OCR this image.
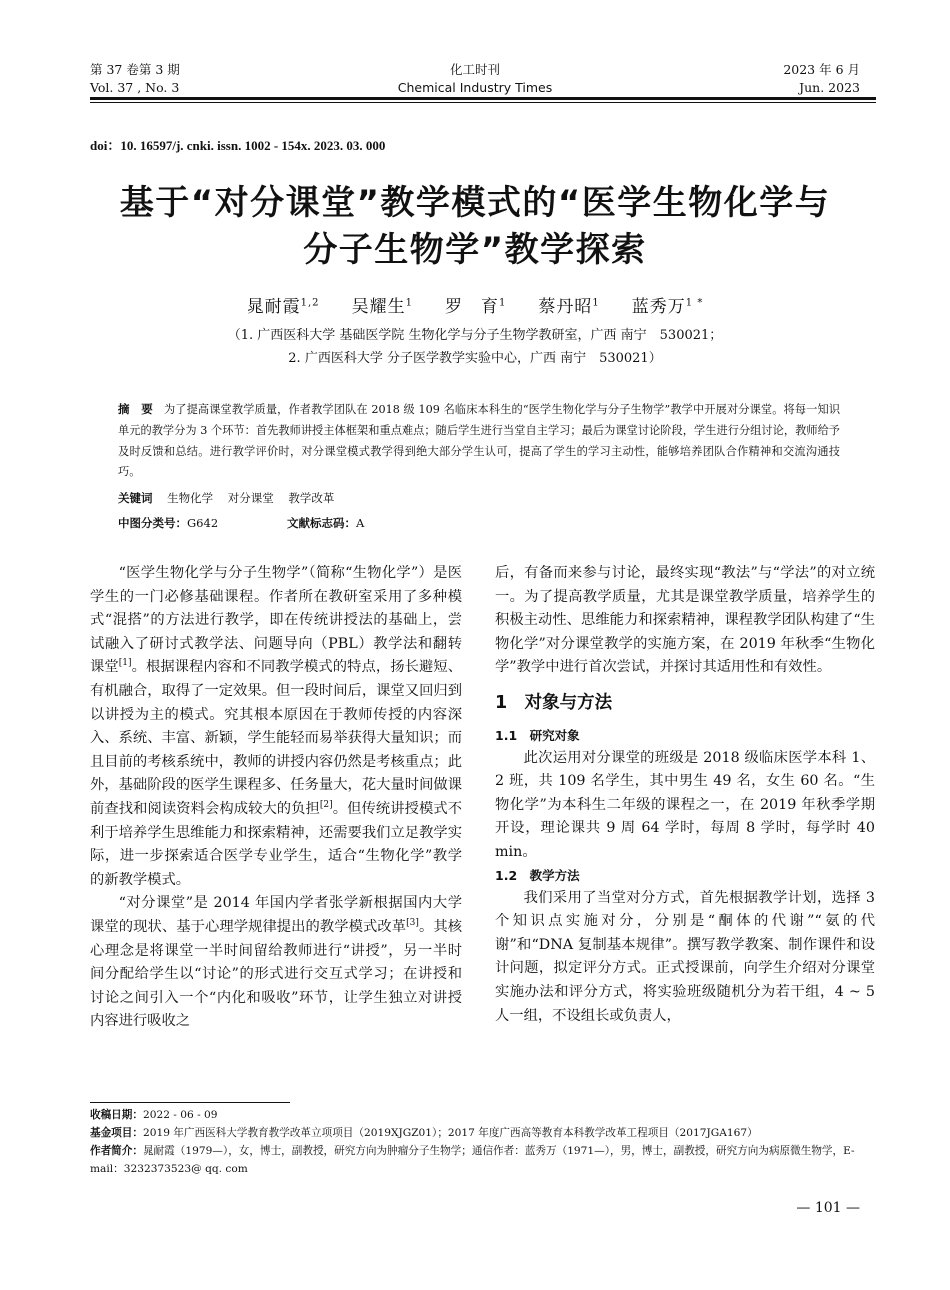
第 37 卷第 3 期
Vol. 37 , No. 3
化工时刊
Chemical Industry Times
2023 年 6 月
Jun. 2023
doi：10. 16597/j. cnki. issn. 1002 - 154x. 2023. 03. 000
基于“对分课堂”教学模式的“医学生物化学与
分子生物学”教学探索
晁耐霞$^{1,2}$ 吴耀生$^1$ 罗　育$^1$ 蔡丹昭$^1$ 蓝秀万$^{1 *}$
（1. 广西医科大学 基础医学院 生物化学与分子生物学教研室，广西 南宁　530021；
2. 广西医科大学 分子医学教学实验中心，广西 南宁　530021）
摘　要 为了提高课堂教学质量，作者教学团队在 2018 级 109 名临床本科生的“医学生物化学与分子生物学”教学中开展对分课堂。将每一知识单元的教学分为 3 个环节：首先教师讲授主体框架和重点难点；随后学生进行当堂自主学习；最后为课堂讨论阶段，学生进行分组讨论，教师给予及时反馈和总结。进行教学评价时，对分课堂模式教学得到绝大部分学生认可，提高了学生的学习主动性，能够培养团队合作精神和交流沟通技巧。
关键词 生物化学 对分课堂 教学改革
中图分类号：G642	文献标志码：A

“医学生物化学与分子生物学”（简称“生物化学”）是医学生的一门必修基础课程。作者所在教研室采用了多种模式“混搭”的方法进行教学，即在传统讲授法的基础上，尝试融入了研讨式教学法、问题导向（PBL）教学法和翻转课堂[1]。根据课程内容和不同教学模式的特点，扬长避短、有机融合，取得了一定效果。但一段时间后，课堂又回归到以讲授为主的模式。究其根本原因在于教师传授的内容深入、系统、丰富、新颖，学生能轻而易举获得大量知识；而且目前的考核系统中，教师的讲授内容仍然是考核重点；此外，基础阶段的医学生课程多、任务量大，花大量时间做课前查找和阅读资料会构成较大的负担[2]。但传统讲授模式不利于培养学生思维能力和探索精神，还需要我们立足教学实际，进一步探索适合医学专业学生，适合“生物化学”教学的新教学模式。

“对分课堂”是 2014 年国内学者张学新根据国内大学课堂的现状、基于心理学规律提出的教学模式改革[3]。其核心理念是将课堂一半时间留给教师进行“讲授”，另一半时间分配给学生以“讨论”的形式进行交互式学习；在讲授和讨论之间引入一个“内化和吸收”环节，让学生独立对讲授内容进行吸收之

后，有备而来参与讨论，最终实现“教法”与“学法”的对立统一。为了提高教学质量，尤其是课堂教学质量，培养学生的积极主动性、思维能力和探索精神，课程教学团队构建了“生物化学”对分课堂教学的实施方案，在 2019 年秋季“生物化学”教学中进行首次尝试，并探讨其适用性和有效性。

1　对象与方法
1.1　研究对象

此次运用对分课堂的班级是 2018 级临床医学本科 1、2 班，共 109 名学生，其中男生 49 名，女生 60 名。“生物化学”为本科生二年级的课程之一，在 2019 年秋季学期开设，理论课共 9 周 64 学时，每周 8 学时，每学时 40 min。

1.2　教学方法

我们采用了当堂对分方式，首先根据教学计划，选择 3 个知识点实施对分，分别是“酮体的代谢”“氨的代谢”和“DNA 复制基本规律”。撰写教学教案、制作课件和设计问题，拟定评分方式。正式授课前，向学生介绍对分课堂实施办法和评分方式，将实验班级随机分为若干组，4 ~ 5 人一组，不设组长或负责人，

收稿日期：2022 - 06 - 09
基金项目：2019 年广西医科大学教育教学改革立项项目（2019XJGZ01）；2017 年度广西高等教育本科教学改革工程项目（2017JGA167）
作者简介：晁耐霞（1979—），女，博士，副教授，研究方向为肿瘤分子生物学；通信作者：蓝秀万（1971—），男，博士，副教授，研究方向为病原微生物学，E-mail：3232373523@ qq. com
— 101 —
